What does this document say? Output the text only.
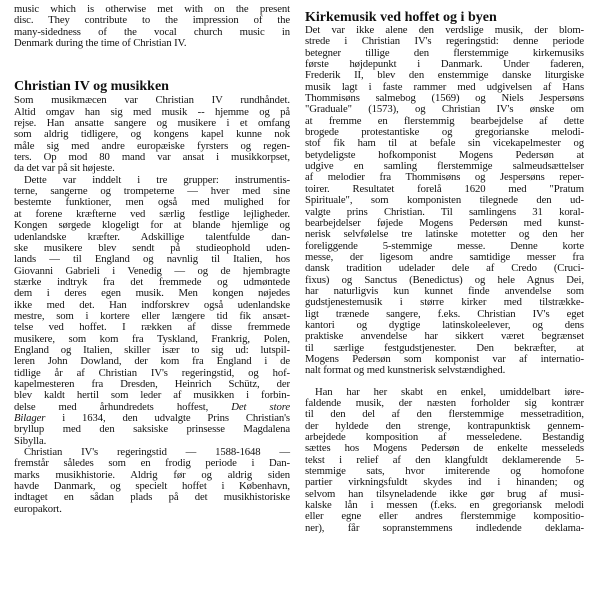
music which is otherwise met with on the present
disc. They contribute to the impression of the
many-sidedness of the vocal church music in
Denmark during the time of Christian IV.
Christian IV og musikken
Som musikmæcen var Christian IV rundhåndet.
Altid omgav han sig med musik -- hjemme og på
rejse. Han ansatte sangere og musikere i et omfang
som aldrig tidligere, og kongens kapel kunne nok
måle sig med andre europæiske fyrsters og regen-
ters. Op mod 80 mand var ansat i musikkorpset,
da det var på sit højeste.
Dette var inddelt i tre grupper: instrumentis-
terne, sangerne og trompeterne — hver med sine
bestemte funktioner, men også med mulighed for
at forene kræfterne ved særlig festlige lejligheder.
Kongen sørgede klogeligt for at blande hjemlige og
udenlandske kræfter. Adskillige talentfulde dan-
ske musikere blev sendt på studieophold uden-
lands — til England og navnlig til Italien, hos
Giovanni Gabrieli i Venedig — og de hjembragte
stærke indtryk fra det fremmede og udmøntede
dem i deres egen musik. Men kongen nøjedes
ikke med det. Han indforskrev også udenlandske
mestre, som i kortere eller længere tid fik ansæt-
telse ved hoffet. I rækken af disse fremmede
musikere, som kom fra Tyskland, Frankrig, Polen,
England og Italien, skiller især to sig ud: lutspil-
leren John Dowland, der kom fra England i de
tidlige år af Christian IV's regeringstid, og hof-
kapelmesteren fra Dresden, Heinrich Schütz, der
blev kaldt hertil som leder af musikken i forbin-
delse med århundredets hoffest, Det store
Bilager i 1634, den udvalgte Prins Christian's
bryllup med den saksiske prinsesse Magdalena
Sibylla.
Christian IV's regeringstid — 1588-1648 —
fremstår således som en frodig periode i Dan-
marks musikhistorie. Aldrig før og aldrig siden
havde Danmark, og specielt hoffet i København,
indtaget en sådan plads på det musikhistoriske
europakort.
Kirkemusik ved hoffet og i byen
Det var ikke alene den verdslige musik, der blom-
strede i Christian IV's regeringstid: denne periode
betegner tillige den flerstemmige kirkemusiks
første højdepunkt i Danmark. Under faderen,
Frederik II, blev den enstemmige danske liturgiske
musik lagt i faste rammer med udgivelsen af Hans
Thommisøns salmebog (1569) og Niels Jespersøns
"Graduale" (1573), og Christian IV's ønske om
at fremme en flerstemmig bearbejdelse af dette
brogede protestantiske og gregorianske melodi-
stof fik ham til at befale sin vicekapelmester og
betydeligste hofkomponist Mogens Pedersøn at
udgive en samling flerstemmige salmeudsættelser
af melodier fra Thommisøns og Jespersøns reper-
toirer. Resultatet forelå 1620 med "Pratum
Spirituale", som komponisten tilegnede den ud-
valgte prins Christian. Til samlingens 31 koral-
bearbejdelser føjede Mogens Pedersøn med kunst-
nerisk selvfølelse tre latinske motetter og den her
foreliggende 5-stemmige messe. Denne korte
messe, der ligesom andre samtidige messer fra
dansk tradition udelader dele af Credo (Cruci-
fixus) og Sanctus (Benedictus) og hele Agnus Dei,
har naturligvis kun kunnet finde anvendelse som
gudstjenestemusik i større kirker med tilstrække-
ligt trænede sangere, f.eks. Christian IV's eget
kantori og dygtige latinskoleelever, og dens
praktiske anvendelse har sikkert været begrænset
til særlige festgudstjenester. Den bekræfter, at
Mogens Pedersøn som komponist var af internatio-
nalt format og med kunstnerisk selvstændighed.
Han har her skabt en enkel, umiddelbart iøre-
faldende musik, der næsten forholder sig kontrær
til den del af den flerstemmige messetradition,
der hyldede den strenge, kontrapunktisk gennem-
arbejdede komposition af messeledene. Bestandig
sættes hos Mogens Pedersøn de enkelte messeleds
tekst i relief af den klangfuldt deklamerende 5-
stemmige sats, hvor imiterende og homofone
partier virkningsfuldt skydes ind i hinanden; og
selvom han tilsyneladende ikke gør brug af musi-
kalske lån i messen (f.eks. en gregoriansk melodi
eller egne eller andres flerstemmige kompositio-
ner), får sopranstemmens indledende deklama-
